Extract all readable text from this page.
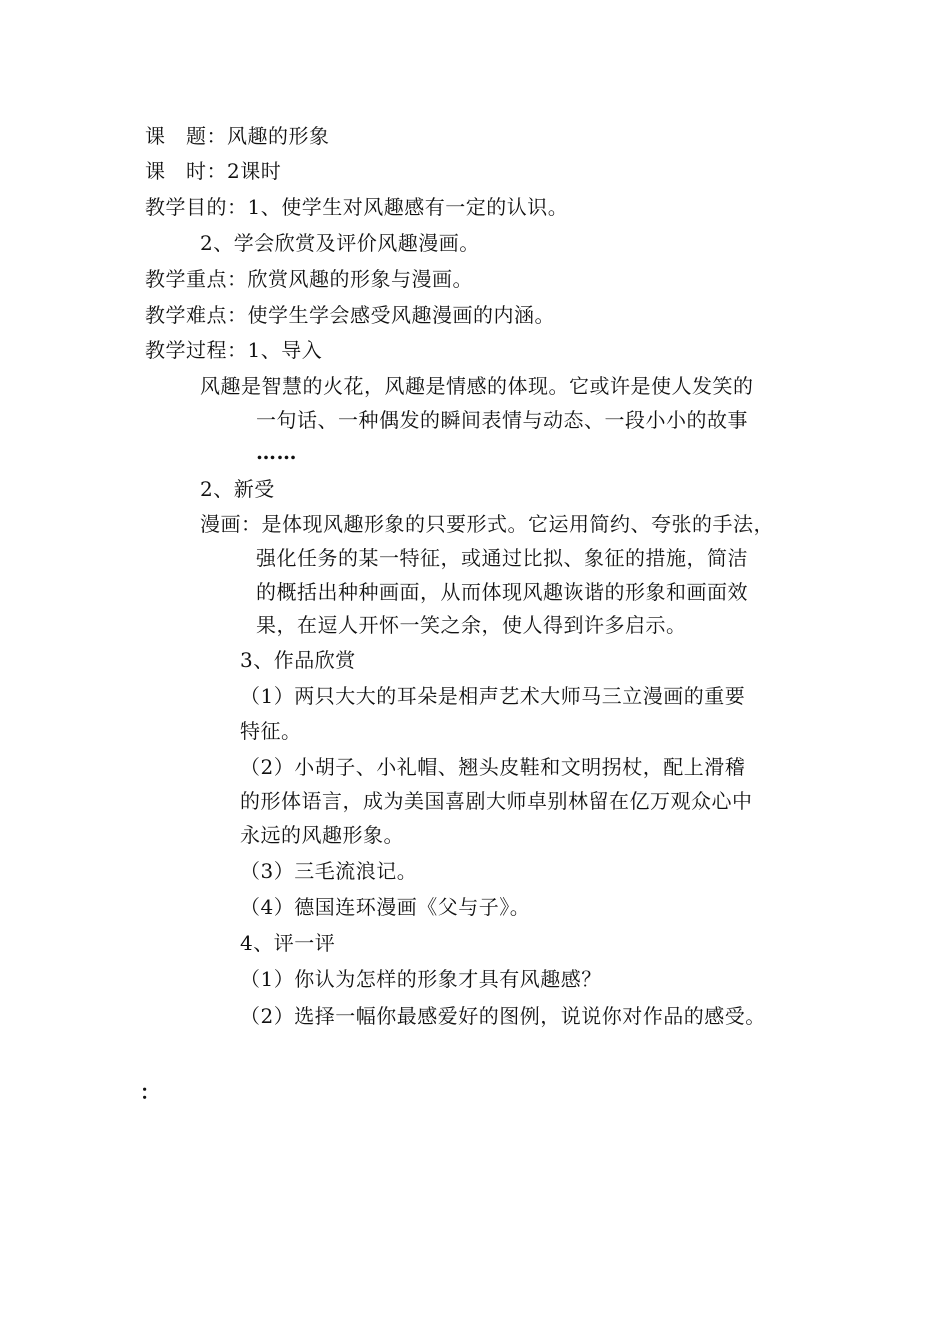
课　题：风趣的形象
课　时：2课时
教学目的：1、使学生对风趣感有一定的认识。
2、学会欣赏及评价风趣漫画。
教学重点：欣赏风趣的形象与漫画。
教学难点：使学生学会感受风趣漫画的内涵。
教学过程：1、导入
风趣是智慧的火花，风趣是情感的体现。它或许是使人发笑的
一句话、一种偶发的瞬间表情与动态、一段小小的故事
……
2、新受
漫画：是体现风趣形象的只要形式。它运用简约、夸张的手法，
强化任务的某一特征，或通过比拟、象征的措施，简洁
的概括出种种画面，从而体现风趣诙谐的形象和画面效
果，在逗人开怀一笑之余，使人得到许多启示。
3、作品欣赏
（1）两只大大的耳朵是相声艺术大师马三立漫画的重要
特征。
（2）小胡子、小礼帽、翘头皮鞋和文明拐杖，配上滑稽
的形体语言，成为美国喜剧大师卓别林留在亿万观众心中
永远的风趣形象。
（3）三毛流浪记。
（4）德国连环漫画《父与子》。
4、评一评
（1）你认为怎样的形象才具有风趣感？
（2）选择一幅你最感爱好的图例，说说你对作品的感受。
：
